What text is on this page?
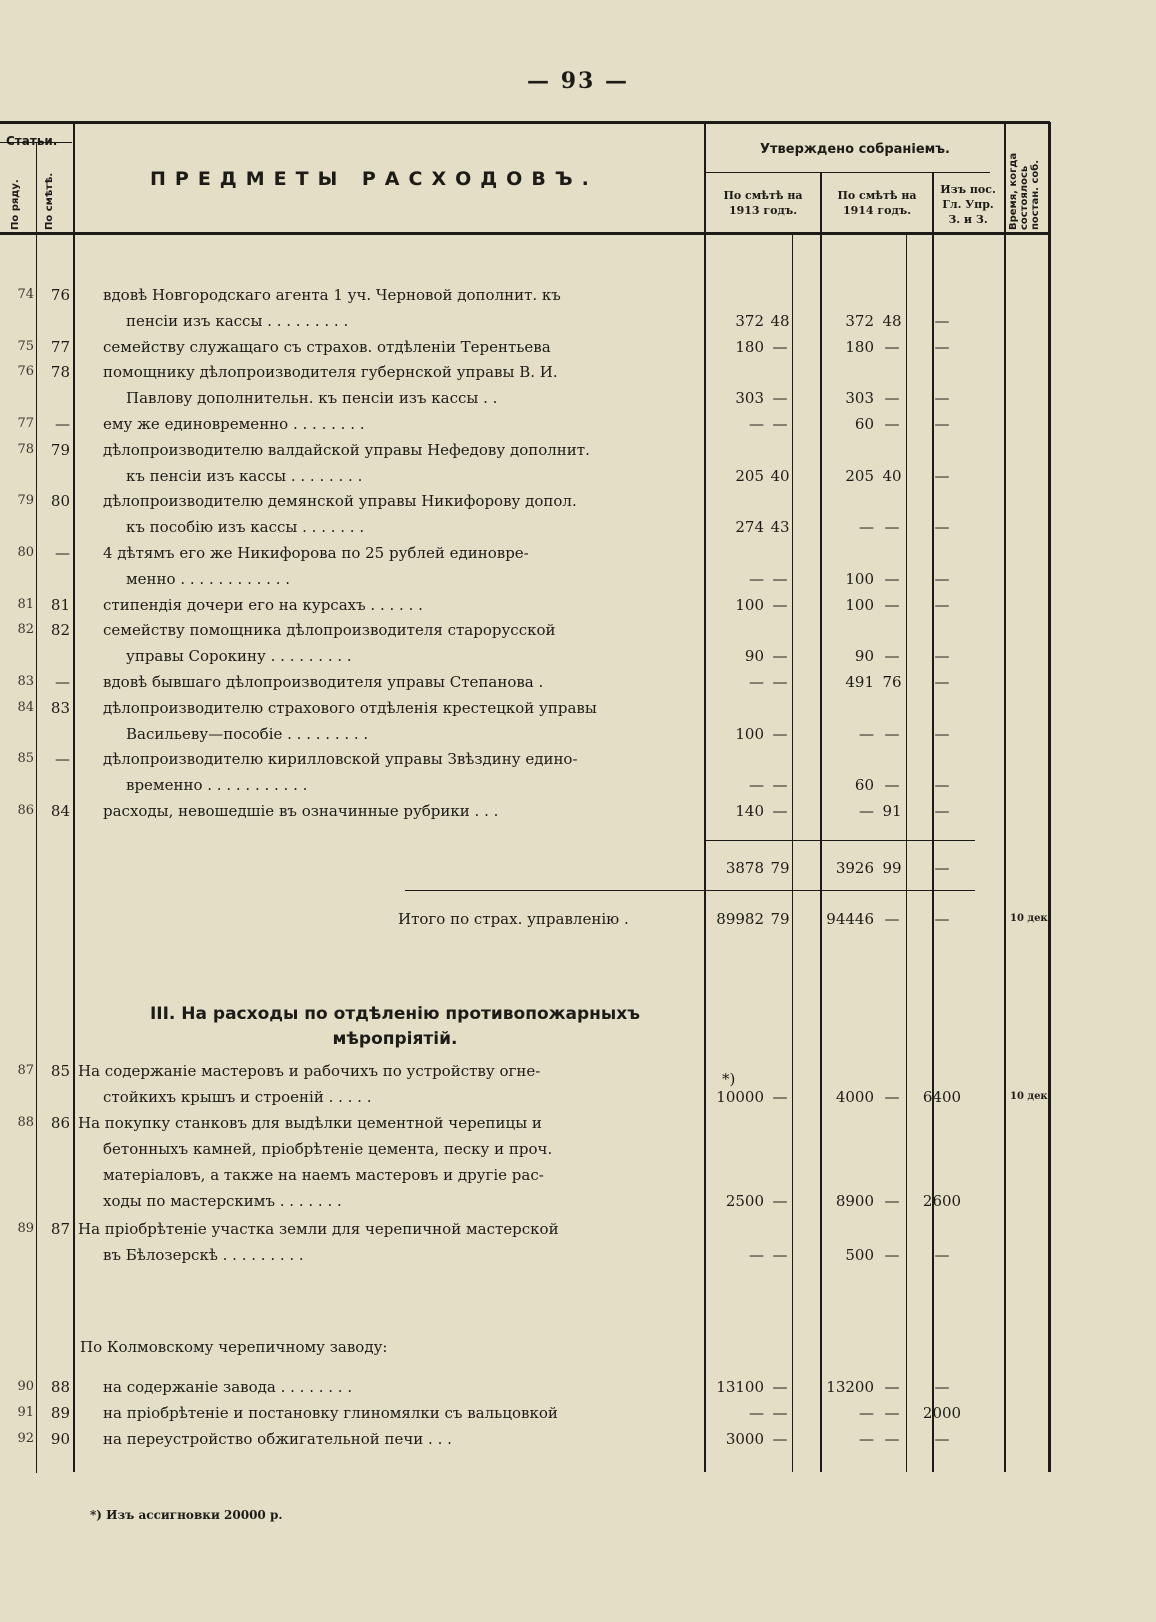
— 93 —
Статьи.
По ряду. По смѣтѣ.	ПРЕДМЕТЫ РАСХОДОВЪ.
Утверждено собраніемъ.
По смѣтѣ на 1913 годъ.
По смѣтѣ на 1914 годъ.
Изъ пос. Гл. Упр. З. и З.	Время, когда состоялось постан. соб.
74	76 вдовѣ Новгородскаго агента 1 уч. Черновой дополнит. къ
пенсіи изъ кассы . . . . . . . . .	372 48	372 48	—
75	77 семейству служащаго съ страхов. отдѣленіи Терентьева	180 —	180 —	—
76	78 помощнику дѣлопроизводителя губернской управы В. И.
Павлову дополнительн. къ пенсіи изъ кассы . .	303 —	303 —	—
77	— ему же единовременно . . . . . . . .	— —	60 —	—
78	79 дѣлопроизводителю валдайской управы Нефедову дополнит.
къ пенсіи изъ кассы . . . . . . . .	205 40	205 40	—
79	80 дѣлопроизводителю демянской управы Никифорову допол.
къ пособію изъ кассы . . . . . . .	274 43	— —	—
80	— 4 дѣтямъ его же Никифорова по 25 рублей единовре-
менно . . . . . . . . . . . .	— —	100 —	—
81	81 стипендія дочери его на курсахъ . . . . . .	100 —	100 —	—
82	82 семейству помощника дѣлопроизводителя старорусской
управы Сорокину . . . . . . . . .	90 —	90 —	—
83	— вдовѣ бывшаго дѣлопроизводителя управы Степанова .	— —	491 76	—
84	83 дѣлопроизводителю страхового отдѣленія крестецкой управы
Васильеву—пособіе . . . . . . . . .	100 —	— —	—
85	— дѣлопроизводителю кирилловской управы Звѣздину едино-
временно . . . . . . . . . . .	— —	60 —	—
86	84 расходы, невошедшіе въ означинные рубрики . . .	140 —	— 91	—
3878 79	3926 99	—
Итого по страх. управленію .	89982 79	94446 —	—	10 дек.
III. На расходы по отдѣленію противопожарныхъ
мѣропріятій.
*)
87	85 На содержаніе мастеровъ и рабочихъ по устройству огне-
стойкихъ крышъ и строеній . . . . .	10000 —	4000 —	6400	10 дек.
88	86 На покупку станковъ для выдѣлки цементной черепицы и
бетонныхъ камней, пріобрѣтеніе цемента, песку и проч.
матеріаловъ, а также на наемъ мастеровъ и другіе рас-
ходы по мастерскимъ . . . . . . .	2500 —	8900 —	2600
89	87 На пріобрѣтеніе участка земли для черепичной мастерской
въ Бѣлозерскѣ . . . . . . . . .	— —	500 —	—
По Колмовскому черепичному заводу:
90	88 на содержаніе завода . . . . . . . .	13100 —	13200 —	—
91	89 на пріобрѣтеніе и постановку глиномялки съ вальцовкой	— —	— —	2000
92	90 на переустройство обжигательной печи . . .	3000 —	— —	—
*) Изъ ассигновки 20000 р.
